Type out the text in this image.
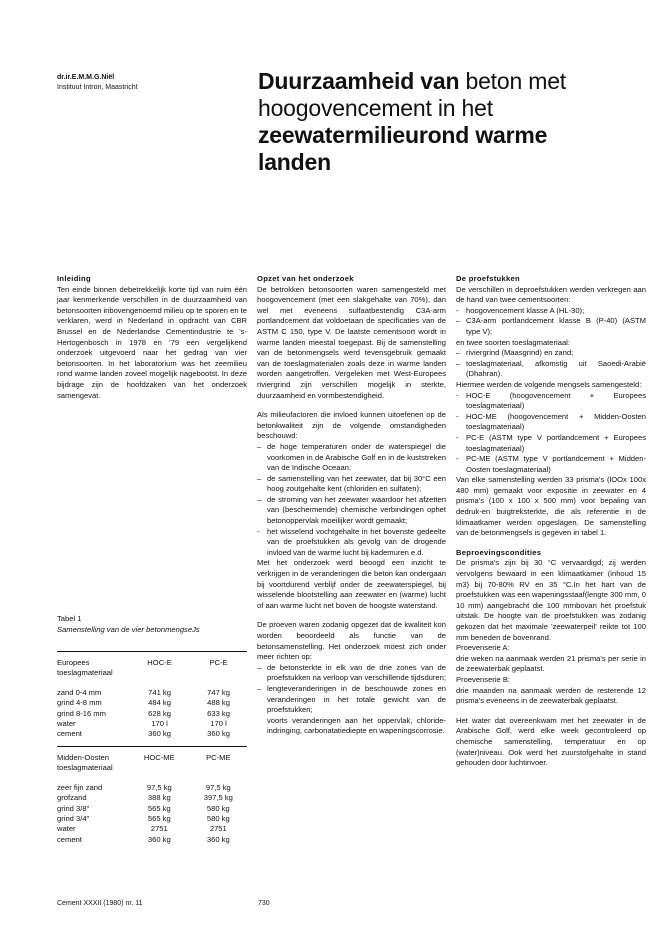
dr.ir.E.M.M.G.Niël
Instituut Intron, Maastricht	Duurzaamheid van beton met
hoogovencement in het
zeewatermilieurond warme
landen

Inleiding

Ten einde binnen debetrekkelijk korte tijd van ruim één jaar kenmerkende verschillen in de duurzaamheid van betonsoorten inbovengenoemd milieu op te sporen en te verklaren, werd in Nederland in opdracht van CBR Brussel en de Nederlandse Cementindustrie te 's-Hertogenbosch in 1978 en '79 een vergelijkend onderzoek uitgevoerd naar het gedrag van vier betonsoorten. In het laboratorium was het zeemilieu rond warme landen zoveel mogelijk nagebootst. In deze bijdrage zijn de hoofdzaken van het onderzoek samengevat.

Opzet van het onderzoek

De betrokken betonsoorten waren samengesteld met hoogovencement (met een slakgehalte van 70%), dan wel met eveneens sulfaatbestendig C3A-arm portlandcement dat voldoetaan de specificaties van de ASTM C 150, type V. De laatste cementsoort wordt in warme landen meestal toegepast. Bij de samenstelling van de betonmengsels werd tevensgebruik gemaakt van de toeslagmaterialen zoals deze in warme landen worden aangetroffen. Vergeleken met West-Europees riviergrind zijn verschillen mogelijk in sterkte, duurzaamheid en vormbestendigheid.

Als milieufactoren die invloed kunnen uitoefenen op de betonkwaliteit zijn de volgende omstandigheden beschouwd:

– de hoge temperaturen onder de waterspiegel die voorkomen in de Arabische Golf en in de kuststreken van de Indische Oceaan;

– de samenstelling van het zeewater, dat bij 30°C een hoog zoutgehalte kent (chloriden en sulfaten);

– de stroming van het zeewater waardoor het afzetten van (beschermende) chemische verbindingen ophet betonoppervlak moeilijker wordt gemaakt;

- het wisselend vochtgehalte in het bovenste gedeelte van de proefstukken als gevolg van de drogende invloed van de warme lucht bij kademuren e.d.

Met het onderzoek werd beoogd een inzicht te verkrijgen in de veranderingen die beton kan ondergaan bij voortdurend verblijf onder de zeewaterspiegel, bij wisselende blootstelling aan zeewater en (warme) lucht of aan warme lucht net boven de hoogste waterstand.

De proeven waren zodanig opgezet dat de kwaliteit kon worden beoordeeld als functie van de betonsamenstelling. Het onderzoek moest zich onder meer richten op:

– de betonsterkte in elk van de drie zones van de proefstukken na verloop van verschillende tijdsduren;

– lengteveranderingen in de beschouwde zones en veranderingen in het totale gewicht van de proefstukken;

voorts veranderingen aan het oppervlak, chloride-indringing, carbonatatiediepte en wapeningscorrosie.

De proefstukken

De verschillen in deproefstukken werden verkregen aan de hand van twee cementsoorten:

- hoogovencement klasse A (HL-30);

– C3A-arm portlandcement klasse B (P-40) (ASTM type V);

en twee soorten toeslagmateriaal:

– riviergrind (Maasgrind) en zand;

– toeslagmateriaal, afkomstig uit Saoedi-Arabië (Dhahran).

Hiermee werden de volgende mengsels samengesteld:

- HOC-E (hoogovencement + Europees toeslagmateriaal)

- HOC-ME (hoogovencement + Midden-Oosten toeslagmateriaal)

- PC-E (ASTM type V portlandcement + Europees toeslagmateriaal)

- PC-ME (ASTM type V portlandcement + Midden-Oosten toeslagmateriaal)

Van elke samenstelling werden 33 prisma's (lOOx 100x 480 mm) gemaakt voor expositie in zeewater en 4 prisma's (100 x 100 x 500 mm) voor bepaling van dedruk-en buigtreksterkte, die als referentie in de klimaatkamer werden opgeslagen. De samenstelling van de betonmengsels is gegeven in tabel 1.

Beproevingscondities

De prisma's zijn bij 30 °C vervaardigd; zij werden vervolgens bewaard in een klimaatkamer (inhoud 15 m3) bij 70-80% RV en 35 °C.In het hart van de proefstukken was een wapeningsstaaf(lengte 300 mm, 0 10 mm) aangebracht die 100 mrnbovan het proefstuk uitstak. De hoogte van de proefstukken was zodanig gekozen dat het maximale 'zeewaterpeil' reikte tot 100 mm beneden de bovenrand.

Proevenserie A:

drie weken na aanmaak werden 21 prisma's per serie in de zeewaterbak geplaatst.

Proevenserie B:

drie maanden na aanmaak werden de resterende 12 prisma's eveneens in de zeewaterbak geplaatst.

Het water dat overeenkwam met het zeewater in de Arabische Golf, werd elke week gecontroleerd op chemische samenstelling, temperatuur en op (water)niveau. Ook werd het zuurstofgehalte in stand gehouden door luchtinvoer.

Tabel 1
Samenstelling van de vier betonmengseJs
Europees toeslagmateriaal	HOC-E	PC-E

zand 0-4 mm	741 kg	747 kg
grind 4-8 mm	484 kg	488 kg
grind 8-16 mm	628 kg	633 kg
water	170 l	170 l
cement	360 kg	360 kg
Midden-Oosten toeslagmateriaal	HOC-ME	PC-ME

zeer fijn zand	97,5 kg	97,5 kg
grofzand	388 kg	397,5 kg
grind 3/8"	565 kg	580 kg
grind 3/4"	565 kg	580 kg
water	2751	2751
cement	360 kg	360 kg
Cement XXXII (1980) nr. 11	730
